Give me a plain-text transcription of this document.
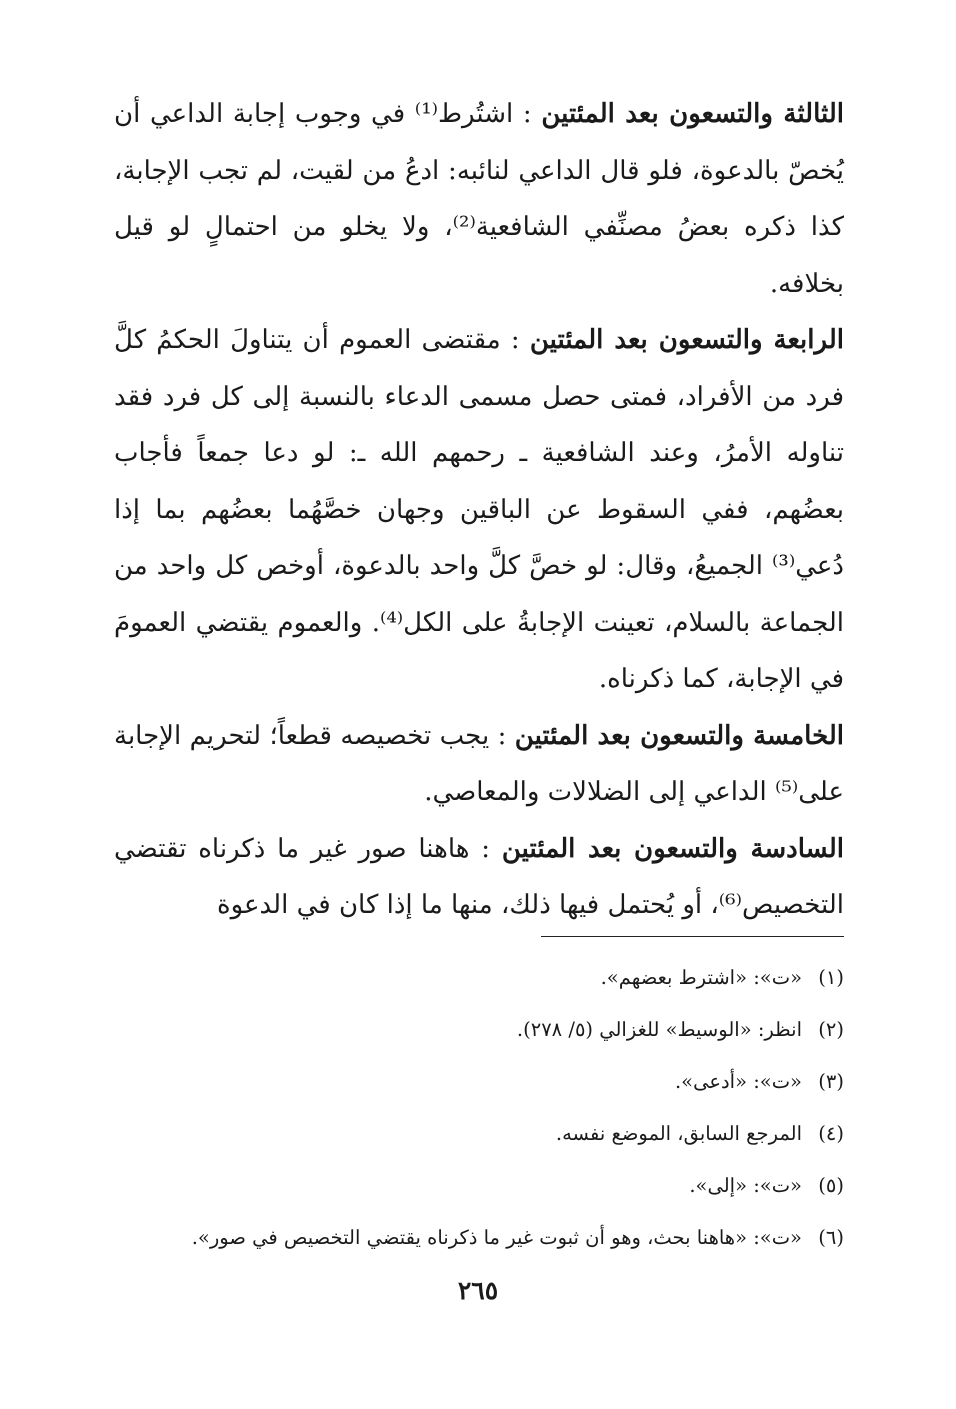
الثالثة والتسعون بعد المئتين : اشتُرط⁽¹⁾ في وجوب إجابة الداعي أن يُخصّ بالدعوة، فلو قال الداعي لنائبه: ادعُ من لقيت، لم تجب الإجابة، كذا ذكره بعضُ مصنِّفي الشافعية⁽²⁾، ولا يخلو من احتمالٍ لو قيل بخلافه.

الرابعة والتسعون بعد المئتين : مقتضى العموم أن يتناولَ الحكمُ كلَّ فرد من الأفراد، فمتى حصل مسمى الدعاء بالنسبة إلى كل فرد فقد تناوله الأمرُ، وعند الشافعية ـ رحمهم الله ـ: لو دعا جمعاً فأجاب بعضُهم، ففي السقوط عن الباقين وجهان خصَّهُما بعضُهم بما إذا دُعي⁽³⁾ الجميعُ، وقال: لو خصَّ كلَّ واحد بالدعوة، أوخص كل واحد من الجماعة بالسلام، تعينت الإجابةُ على الكل⁽⁴⁾. والعموم يقتضي العمومَ في الإجابة، كما ذكرناه.

الخامسة والتسعون بعد المئتين : يجب تخصيصه قطعاً؛ لتحريم الإجابة على⁽⁵⁾ الداعي إلى الضلالات والمعاصي.

السادسة والتسعون بعد المئتين : هاهنا صور غير ما ذكرناه تقتضي التخصيص⁽⁶⁾، أو يُحتمل فيها ذلك، منها ما إذا كان في الدعوة

(١)
«ت»: «اشترط بعضهم».
(٢)
انظر: «الوسيط» للغزالي (٥/ ٢٧٨).
(٣)
«ت»: «أدعى».
(٤)
المرجع السابق، الموضع نفسه.
(٥)
«ت»: «إلى».
(٦)
«ت»: «هاهنا بحث، وهو أن ثبوت غير ما ذكرناه يقتضي التخصيص في صور».
٢٦٥
